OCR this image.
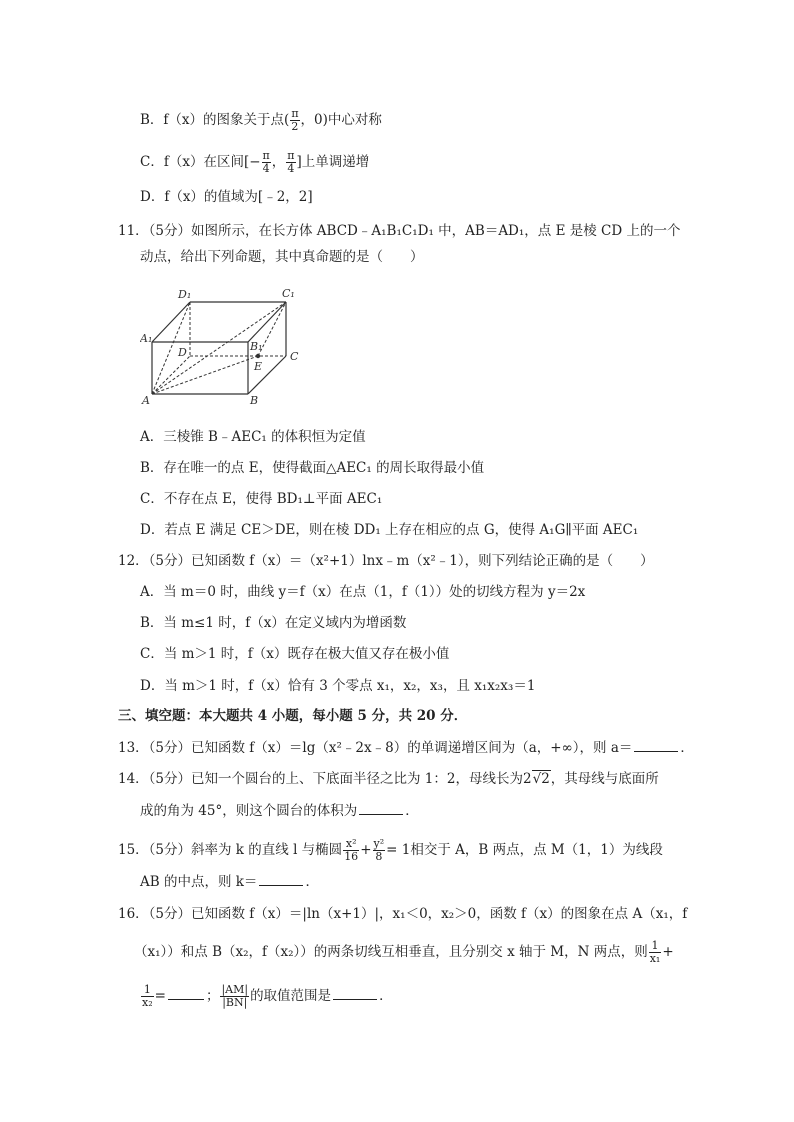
B．f（x）的图象关于点( $\frac{\pi}{2}$ ，0)中心对称
C．f（x）在区间[− $\frac{\pi}{4}$ ， $\frac{\pi}{4}$ ]上单调递增
D．f（x）的值域为[﹣2，2]
11．（5分）如图所示，在长方体 ABCD﹣A₁B₁C₁D₁ 中，AB＝AD₁，点 E 是棱 CD 上的一个
动点，给出下列命题，其中真命题的是（　　）
D₁	C₁
A₁
D	B₁
C
E
A	B
A．三棱锥 B﹣AEC₁ 的体积恒为定值
B．存在唯一的点 E，使得截面△AEC₁ 的周长取得最小值
C．不存在点 E，使得 BD₁⊥平面 AEC₁
D．若点 E 满足 CE＞DE，则在棱 DD₁ 上存在相应的点 G，使得 A₁G∥平面 AEC₁
12．（5分）已知函数 f（x）＝（x²+1）lnx﹣m（x²﹣1），则下列结论正确的是（　　）
A．当 m＝0 时，曲线 y＝f（x）在点（1，f（1））处的切线方程为 y＝2x
B．当 m≤1 时，f（x）在定义域内为增函数
C．当 m＞1 时，f（x）既存在极大值又存在极小值
D．当 m＞1 时，f（x）恰有 3 个零点 x₁，x₂，x₃，且 x₁x₂x₃＝1
三、填空题：本大题共 4 小题，每小题 5 分，共 20 分．
13．（5分）已知函数 f（x）＝lg（x²﹣2x﹣8）的单调递增区间为（a，+∞），则 a＝	．
14．（5分）已知一个圆台的上、下底面半径之比为 1：2，母线长为2√2，其母线与底面所
成的角为 45°，则这个圆台的体积为	．
15．（5分）斜率为 k 的直线 l 与椭圆 $\frac{\text{x²}}{16} + \frac{\text{y²}}{8} = 1$相交于 A，B 两点，点 M（1，1）为线段
AB 的中点，则 k＝	．
16．（5分）已知函数 f（x）＝|ln（x+1）|，x₁＜0，x₂＞0，函数 f（x）的图象在点 A（x₁，f
（x₁））和点 B（x₂，f（x₂））的两条切线互相垂直，且分别交 x 轴于 M，N 两点，则 $\frac{1}{\text{x₁}}$ +
$\frac{1}{\text{x₂}}$ =	； $\frac{|AM|}{|BN|}$ 的取值范围是	．
